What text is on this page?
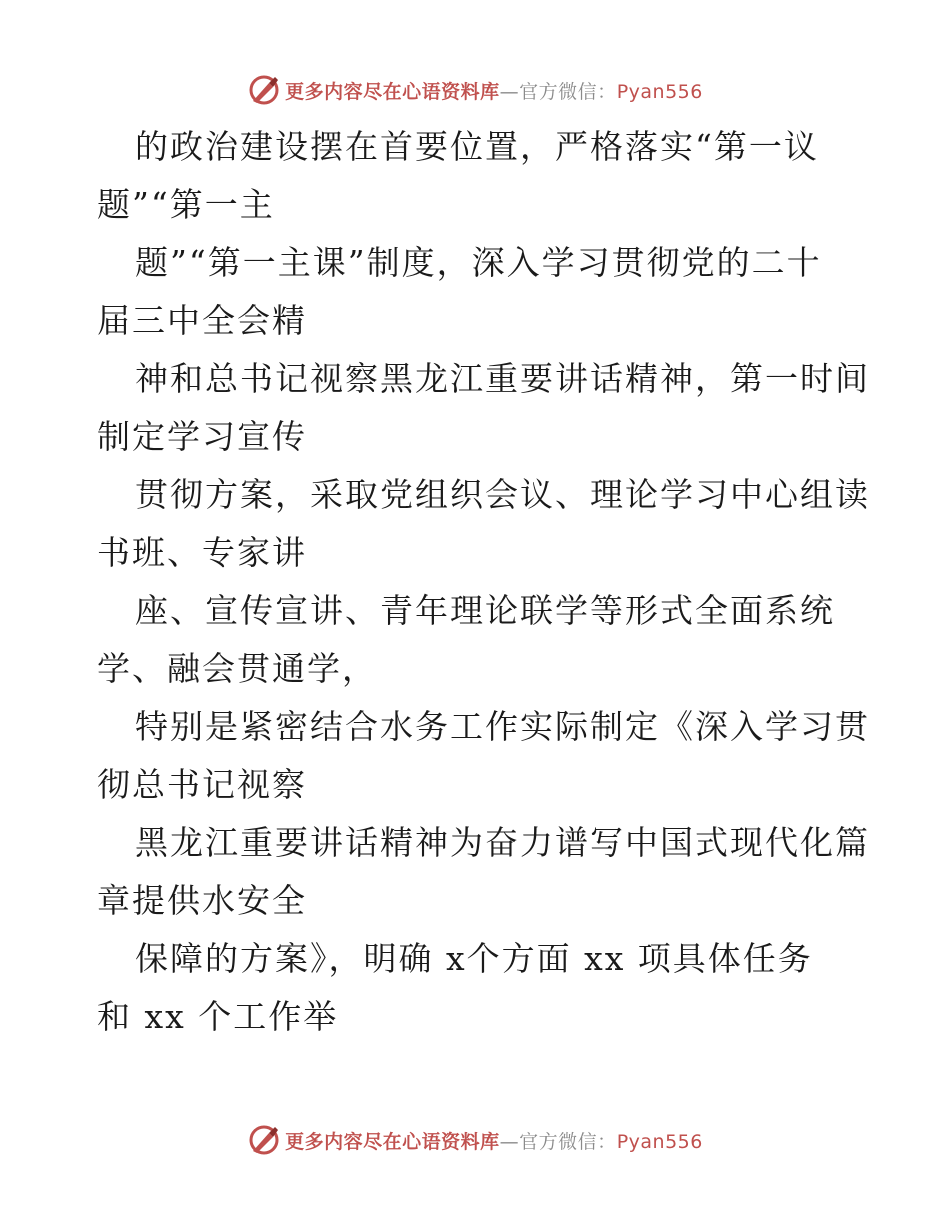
更多内容尽在心语资料库—官方微信：Pyan556
的政治建设摆在首要位置，严格落实“第一议
题”“第一主
题”“第一主课”制度，深入学习贯彻党的二十
届三中全会精
神和总书记视察黑龙江重要讲话精神，第一时间
制定学习宣传
贯彻方案，采取党组织会议、理论学习中心组读
书班、专家讲
座、宣传宣讲、青年理论联学等形式全面系统
学、融会贯通学，
特别是紧密结合水务工作实际制定《深入学习贯
彻总书记视察
黑龙江重要讲话精神为奋力谱写中国式现代化篇
章提供水安全
保障的方案》，明确 x个方面 xx 项具体任务
和 xx 个工作举
更多内容尽在心语资料库—官方微信：Pyan556
